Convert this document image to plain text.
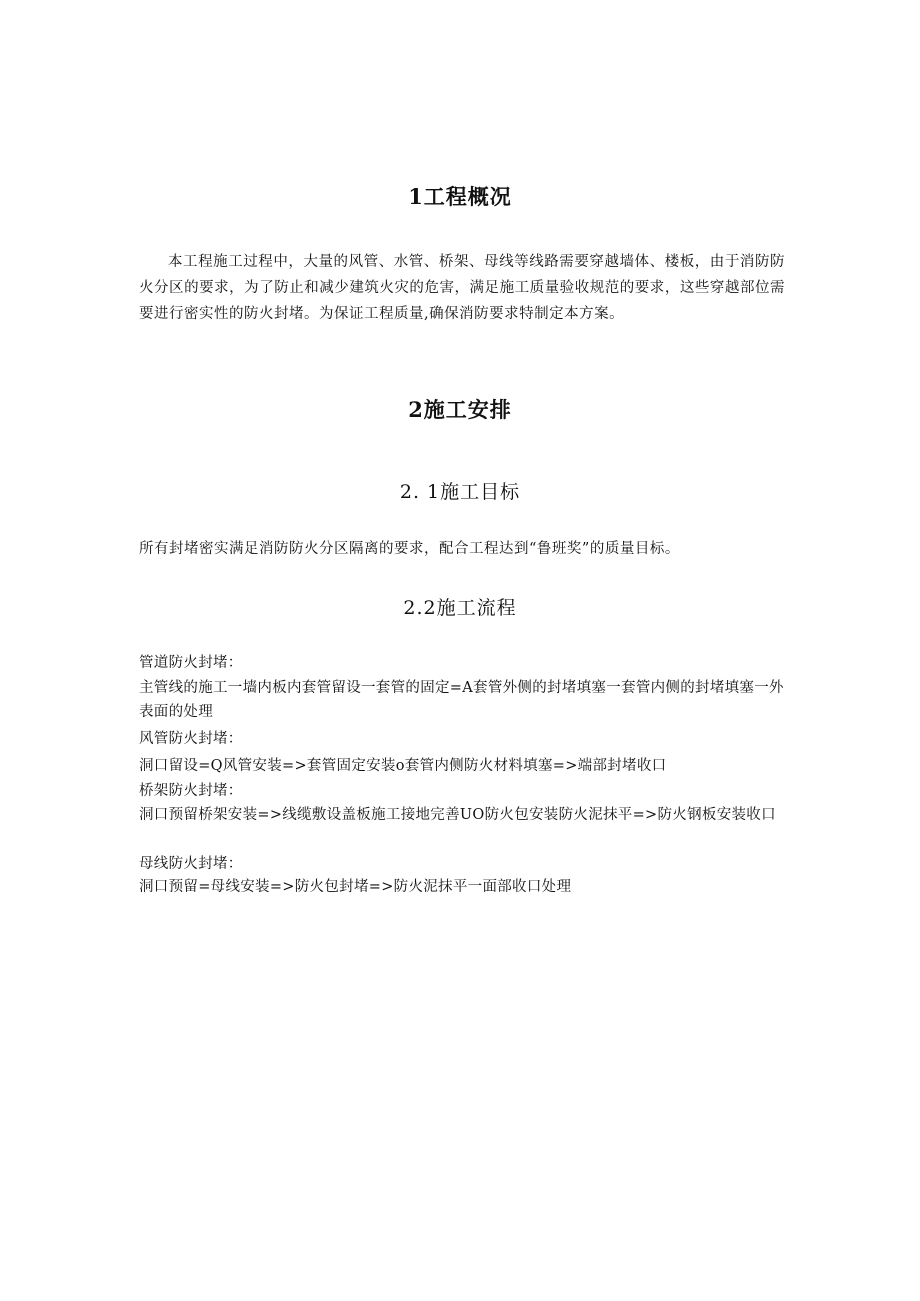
1工程概况

本工程施工过程中，大量的风管、水管、桥架、母线等线路需要穿越墙体、楼板，由于消防防火分区的要求，为了防止和减少建筑火灾的危害，满足施工质量验收规范的要求，这些穿越部位需要进行密实性的防火封堵。为保证工程质量,确保消防要求特制定本方案。

2施工安排
2. 1施工目标

所有封堵密实满足消防防火分区隔离的要求，配合工程达到“鲁班奖”的质量目标。

2.2施工流程

管道防火封堵：

主管线的施工一墙内板内套管留设一套管的固定=A套管外侧的封堵填塞一套管内侧的封堵填塞一外表面的处理

风管防火封堵：

洞口留设=Q风管安装=>套管固定安装o套管内侧防火材料填塞=>端部封堵收口

桥架防火封堵：

洞口预留桥架安装=>线缆敷设盖板施工接地完善UO防火包安装防火泥抹平=>防火钢板安装收口

母线防火封堵：

洞口预留=母线安装=>防火包封堵=>防火泥抹平一面部收口处理
